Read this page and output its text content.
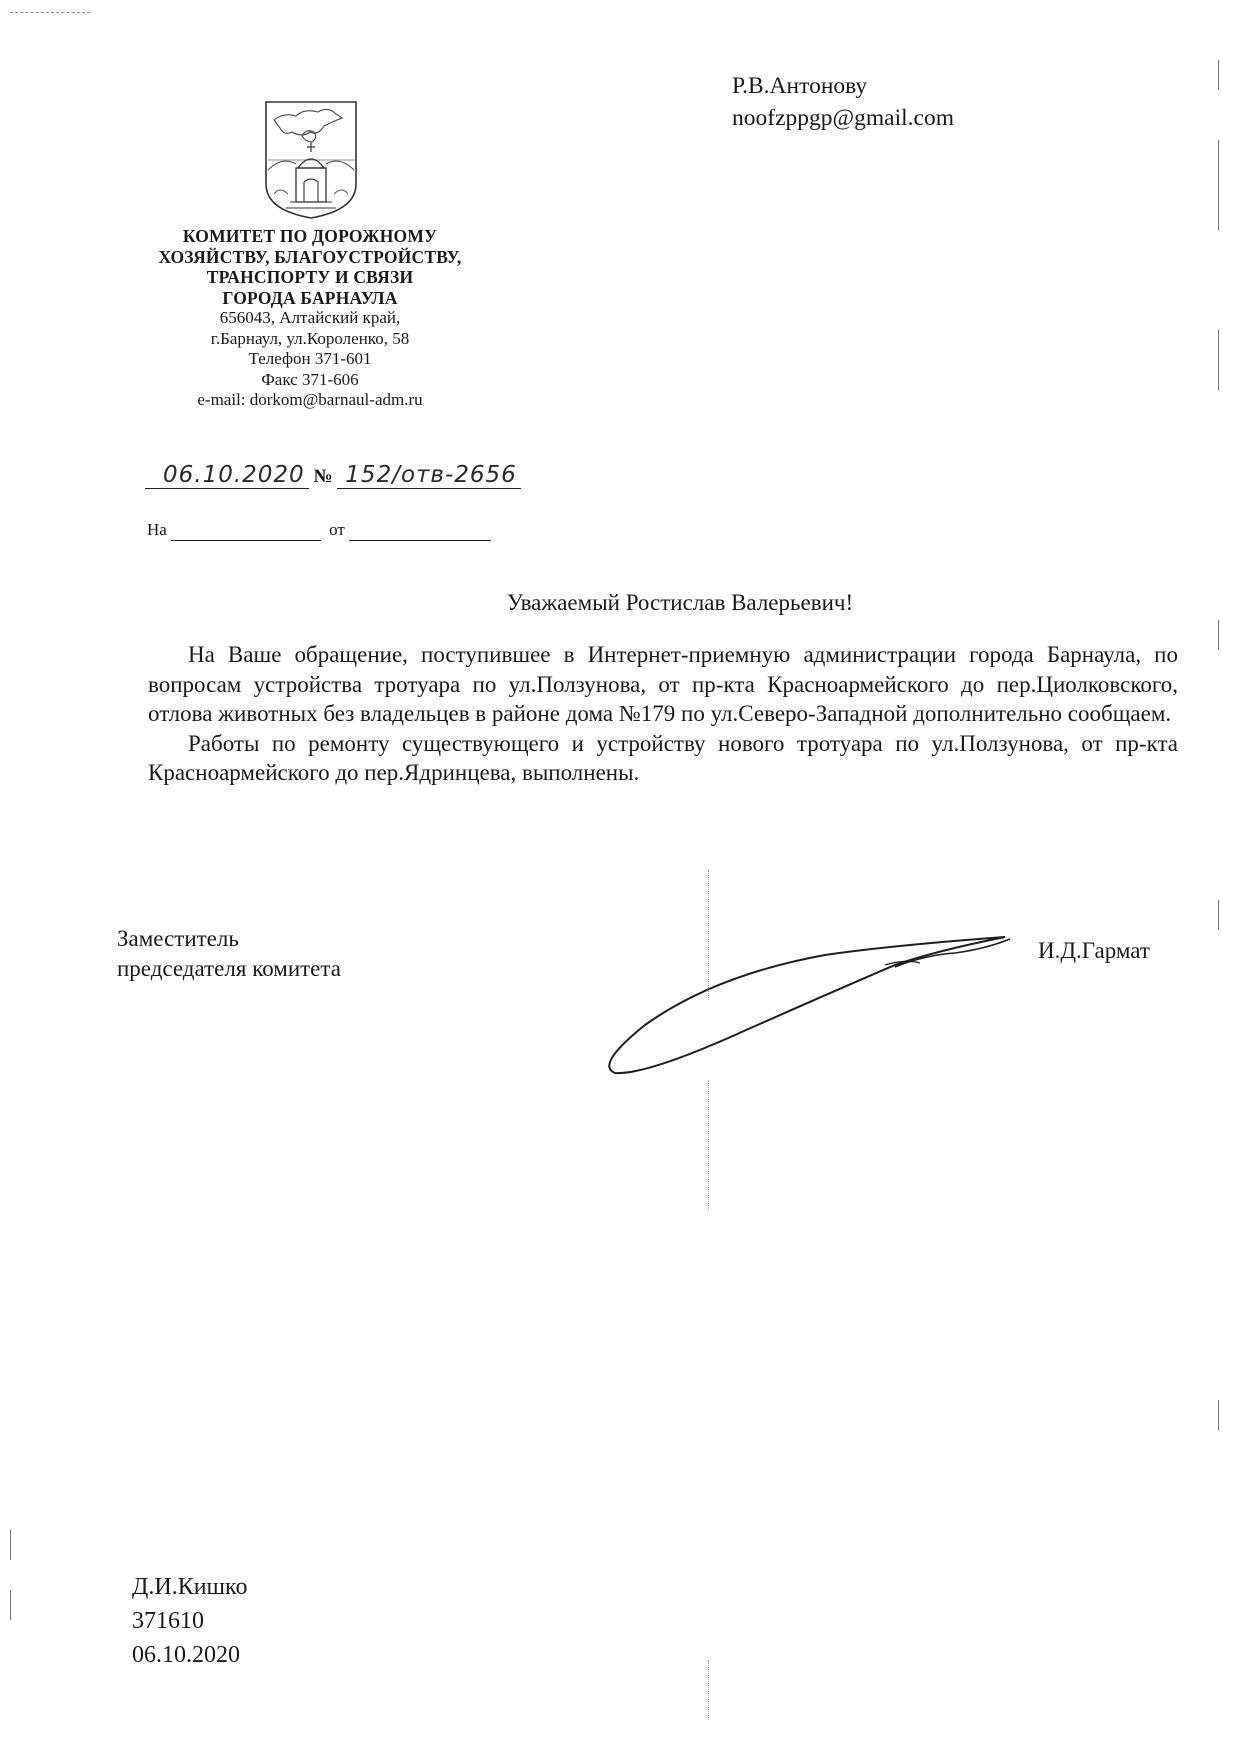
Р.В.Антонову
noofzppgp@gmail.com
КОМИТЕТ ПО ДОРОЖНОМУ
ХОЗЯЙСТВУ, БЛАГОУСТРОЙСТВУ,
ТРАНСПОРТУ И СВЯЗИ
ГОРОДА БАРНАУЛА
656043, Алтайский край,
г.Барнаул, ул.Короленко, 58
Телефон 371-601
Факс 371-606
e-mail: dorkom@barnaul-adm.ru
06.10.2020 № 152/отв-2656
На	от
Уважаемый Ростислав Валерьевич!

На Ваше обращение, поступившее в Интернет-приемную администрации города Барнаула, по вопросам устройства тротуара по ул.Ползунова, от пр-кта Красноармейского до пер.Циолковского, отлова животных без владельцев в районе дома №179 по ул.Северо-Западной дополнительно сообщаем.

Работы по ремонту существующего и устройству нового тротуара по ул.Ползунова, от пр-кта Красноармейского до пер.Ядринцева, выполнены.

Заместитель
председателя комитета
И.Д.Гармат
Д.И.Кишко
371610
06.10.2020
